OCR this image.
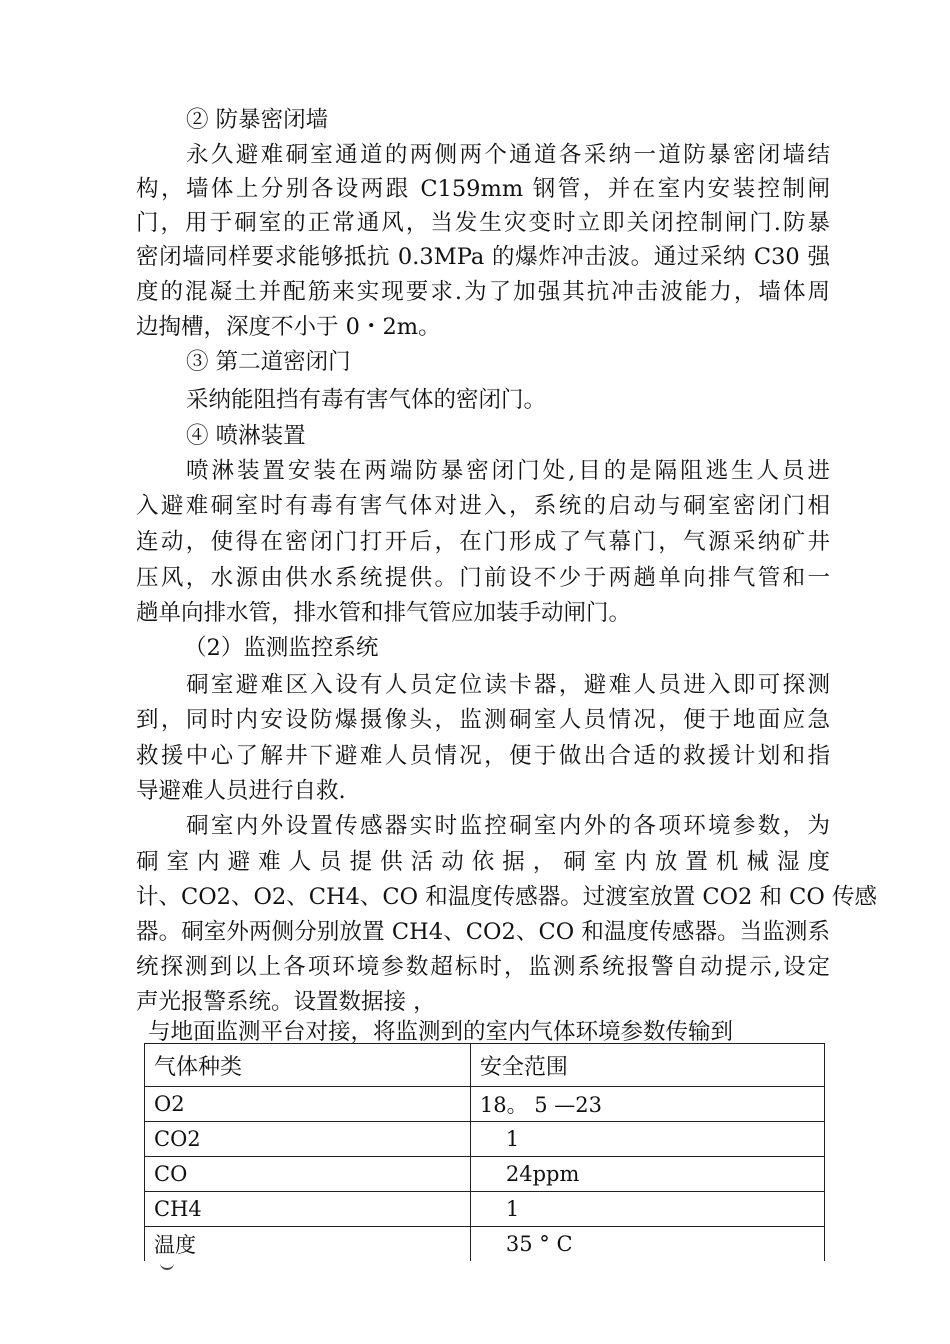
② 防暴密闭墙
永久避难硐室通道的两侧两个通道各采纳一道防暴密闭墙结
构，墙体上分别各设两跟 C159mm 钢管，并在室内安装控制闸
门，用于硐室的正常通风，当发生灾变时立即关闭控制闸门.防暴
密闭墙同样要求能够抵抗 0.3MPa 的爆炸冲击波。通过采纳 C30 强
度的混凝土并配筋来实现要求.为了加强其抗冲击波能力，墙体周
边掏槽，深度不小于 0・2m。
③ 第二道密闭门
采纳能阻挡有毒有害气体的密闭门。
④ 喷淋装置
喷淋装置安装在两端防暴密闭门处,目的是隔阻逃生人员进
入避难硐室时有毒有害气体对进入，系统的启动与硐室密闭门相
连动，使得在密闭门打开后，在门形成了气幕门，气源采纳矿井
压风，水源由供水系统提供。门前设不少于两趟单向排气管和一
趟单向排水管，排水管和排气管应加装手动闸门。
（2）监测监控系统
硐室避难区入设有人员定位读卡器，避难人员进入即可探测
到，同时内安设防爆摄像头，监测硐室人员情况，便于地面应急
救援中心了解井下避难人员情况，便于做出合适的救援计划和指
导避难人员进行自救.
硐室内外设置传感器实时监控硐室内外的各项环境参数，为
硐室内避难人员提供活动依据，硐室内放置机械湿度
计、CO2、O2、CH4、CO 和温度传感器。过渡室放置 CO2 和 CO 传感
器。硐室外两侧分别放置 CH4、CO2、CO 和温度传感器。当监测系
统探测到以上各项环境参数超标时，监测系统报警自动提示,设定
声光报警系统。设置数据接 ，
与地面监测平台对接，将监测到的室内气体环境参数传输到
气体种类	安全范围
O2	18。 5 —23
CO2	1
CO	24ppm
CH4	1
温度	35 ° C
